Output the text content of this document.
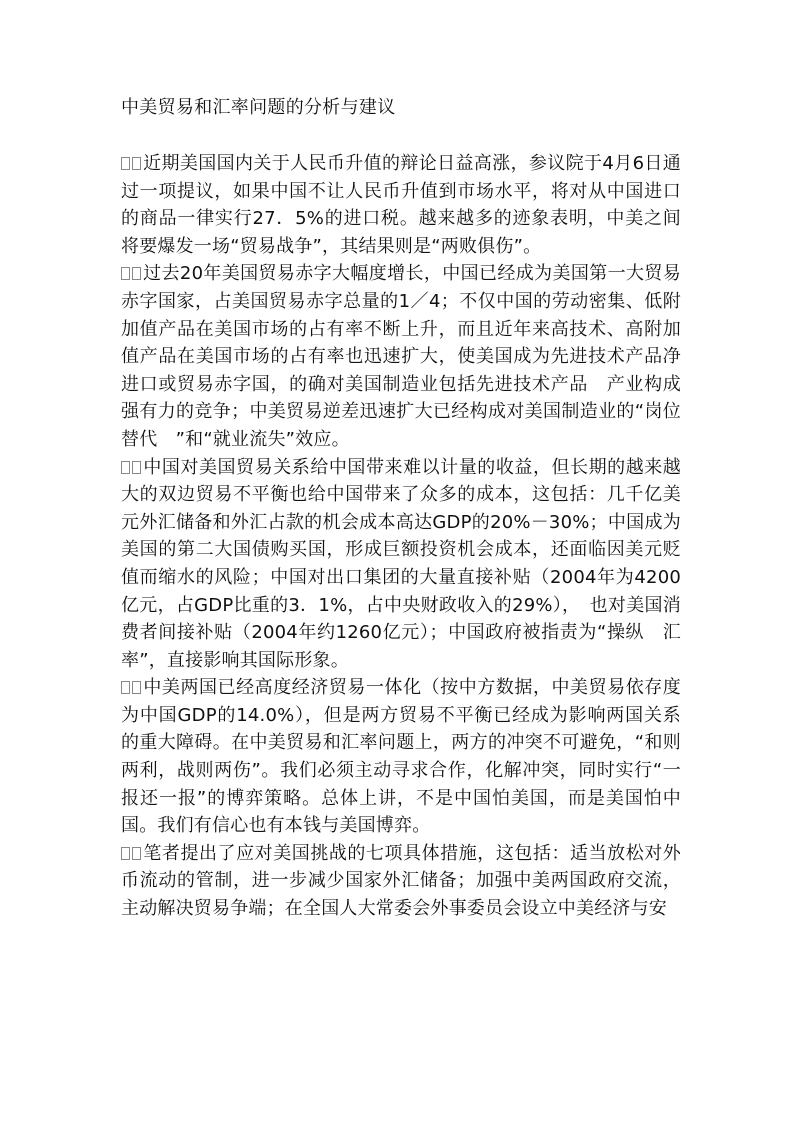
中美贸易和汇率问题的分析与建议

近期美国国内关于人民币升值的辩论日益高涨，参议院于4月6日通过一项提议，如果中国不让人民币升值到市场水平，将对从中国进口的商品一律实行27．5%的进口税。越来越多的迹象表明，中美之间将要爆发一场“贸易战争”，其结果则是“两败俱伤”。

过去20年美国贸易赤字大幅度增长，中国已经成为美国第一大贸易赤字国家，占美国贸易赤字总量的1／4；不仅中国的劳动密集、低附加值产品在美国市场的占有率不断上升，而且近年来高技术、高附加值产品在美国市场的占有率也迅速扩大，使美国成为先进技术产品净进口或贸易赤字国，的确对美国制造业包括先进技术产品　产业构成强有力的竞争；中美贸易逆差迅速扩大已经构成对美国制造业的“岗位替代　”和“就业流失”效应。

中国对美国贸易关系给中国带来难以计量的收益，但长期的越来越大的双边贸易不平衡也给中国带来了众多的成本，这包括：几千亿美元外汇储备和外汇占款的机会成本高达GDP的20%－30%；中国成为美国的第二大国债购买国，形成巨额投资机会成本，还面临因美元贬值而缩水的风险；中国对出口集团的大量直接补贴（2004年为4200亿元，占GDP比重的3．1%，占中央财政收入的29%），　也对美国消费者间接补贴（2004年约1260亿元）；中国政府被指责为“操纵　汇率”，直接影响其国际形象。

中美两国已经高度经济贸易一体化（按中方数据，中美贸易依存度为中国GDP的14.0%），但是两方贸易不平衡已经成为影响两国关系的重大障碍。在中美贸易和汇率问题上，两方的冲突不可避免，“和则两利，战则两伤”。我们必须主动寻求合作，化解冲突，同时实行“一报还一报”的博弈策略。总体上讲，不是中国怕美国，而是美国怕中国。我们有信心也有本钱与美国博弈。

笔者提出了应对美国挑战的七项具体措施，这包括：适当放松对外币流动的管制，进一步减少国家外汇储备；加强中美两国政府交流，主动解决贸易争端；在全国人大常委会外事委员会设立中美经济与安
